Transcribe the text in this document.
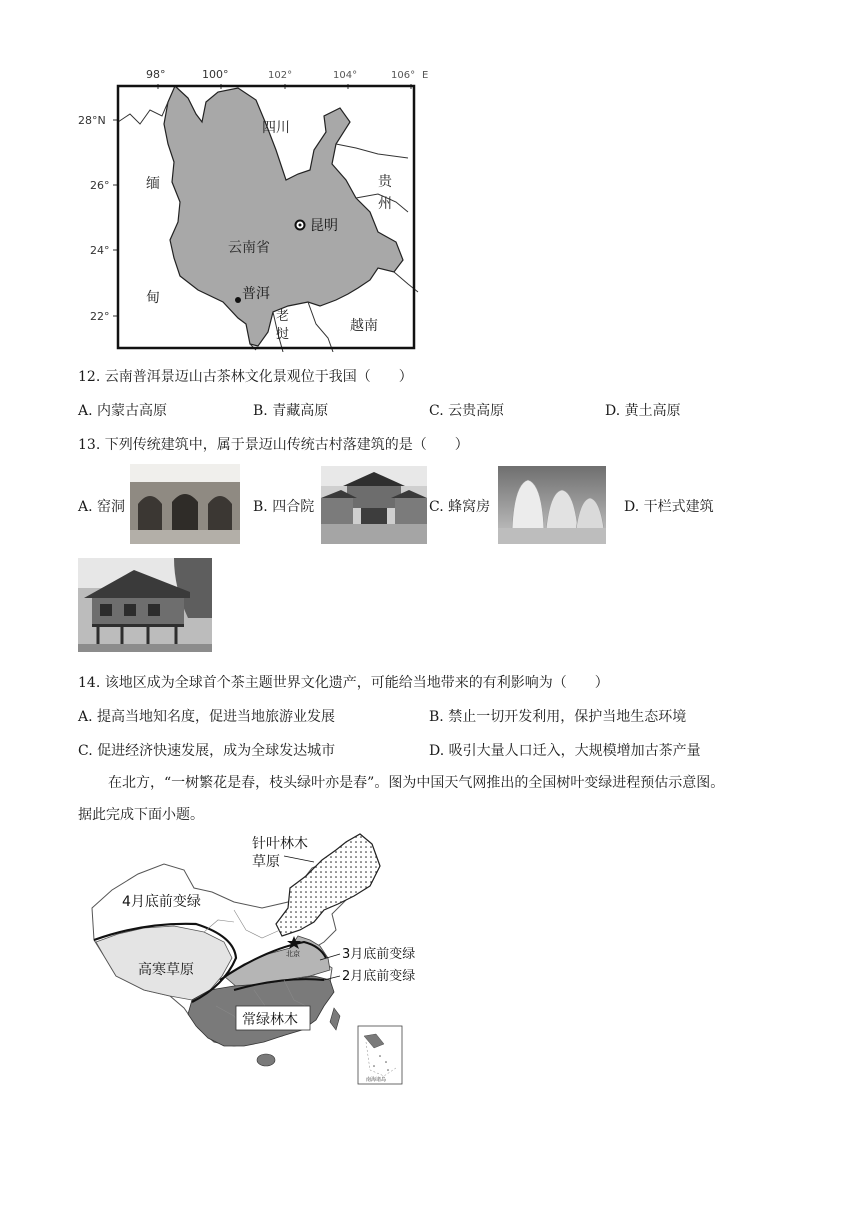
98°	100°	102°	104°	106° E
28°N
26°
24°
22°
四川
贵州
缅甸
云南省
老挝
越南
昆明
普洱
12. 云南普洱景迈山古茶林文化景观位于我国（　　）
A. 内蒙古高原	B. 青藏高原	C. 云贵高原	D. 黄土高原
13. 下列传统建筑中，属于景迈山传统古村落建筑的是（　　）
A. 窑洞	B. 四合院	C. 蜂窝房	D. 干栏式建筑
14. 该地区成为全球首个茶主题世界文化遗产，可能给当地带来的有利影响为（　　）
A. 提高当地知名度，促进当地旅游业发展	B. 禁止一切开发利用，保护当地生态环境
C. 促进经济快速发展，成为全球发达城市	D. 吸引大量人口迁入，大规模增加古茶产量
在北方，“一树繁花是春，枝头绿叶亦是春”。图为中国天气网推出的全国树叶变绿进程预估示意图。
据此完成下面小题。
北京
针叶林木
草原
4月底前变绿
高寒草原
3月底前变绿
2月底前变绿
常绿林木
南海诸岛
